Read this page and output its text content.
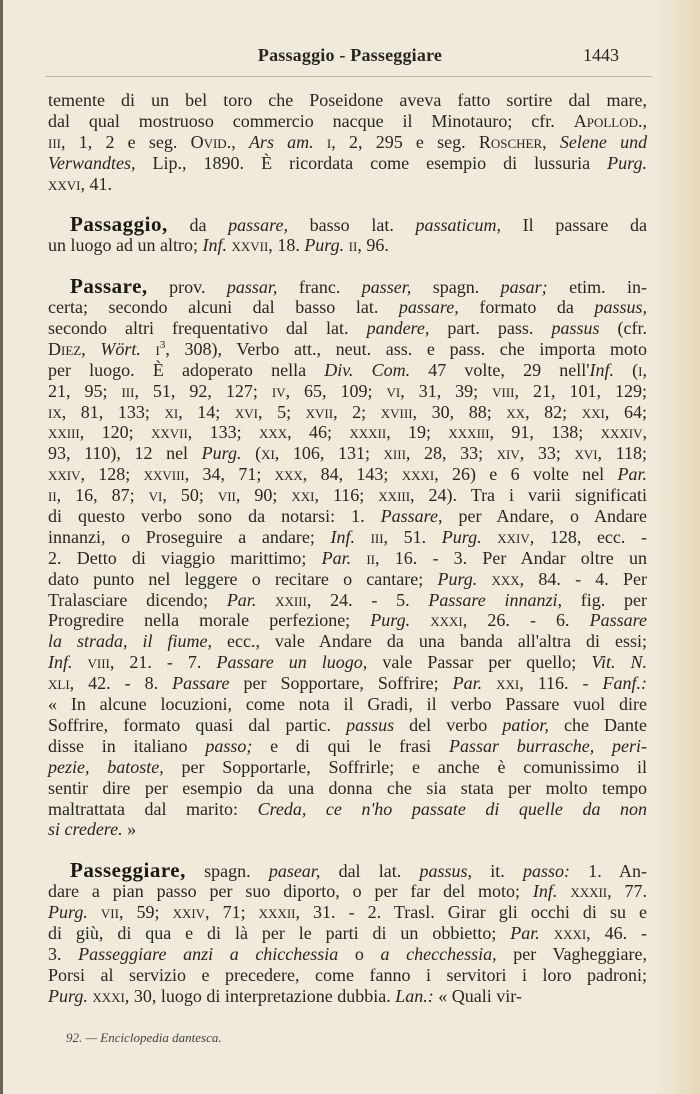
Passaggio - Passeggiare	1443
temente di un bel toro che Poseidone aveva fatto sortire dal mare,
dal qual mostruoso commercio nacque il Minotauro; cfr. Apollod.,
iii, 1, 2 e seg. Ovid., Ars am. i, 2, 295 e seg. Roscher, Selene und
Verwandtes, Lip., 1890. È ricordata come esempio di lussuria Purg.
xxvi, 41.
Passaggio, da passare, basso lat. passaticum, Il passare da
un luogo ad un altro; Inf. xxvii, 18. Purg. ii, 96.
Passare, prov. passar, franc. passer, spagn. pasar; etim. in-
certa; secondo alcuni dal basso lat. passare, formato da passus,
secondo altri frequentativo dal lat. pandere, part. pass. passus (cfr.
Diez, Wört. $i^3$, 308), Verbo att., neut. ass. e pass. che importa moto
per luogo. È adoperato nella Div. Com. 47 volte, 29 nell'Inf. (i,
21, 95; iii, 51, 92, 127; iv, 65, 109; vi, 31, 39; viii, 21, 101, 129;
ix, 81, 133; xi, 14; xvi, 5; xvii, 2; xviii, 30, 88; xx, 82; xxi, 64;
xxiii, 120; xxvii, 133; xxx, 46; xxxii, 19; xxxiii, 91, 138; xxxiv,
93, 110), 12 nel Purg. (xi, 106, 131; xiii, 28, 33; xiv, 33; xvi, 118;
xxiv, 128; xxviii, 34, 71; xxx, 84, 143; xxxi, 26) e 6 volte nel Par.
ii, 16, 87; vi, 50; vii, 90; xxi, 116; xxiii, 24). Tra i varii significati
di questo verbo sono da notarsi: 1. Passare, per Andare, o Andare
innanzi, o Proseguire a andare; Inf. iii, 51. Purg. xxiv, 128, ecc. -
2. Detto di viaggio marittimo; Par. ii, 16. - 3. Per Andar oltre un
dato punto nel leggere o recitare o cantare; Purg. xxx, 84. - 4. Per
Tralasciare dicendo; Par. xxiii, 24. - 5. Passare innanzi, fig. per
Progredire nella morale perfezione; Purg. xxxi, 26. - 6. Passare
la strada, il fiume, ecc., vale Andare da una banda all'altra di essi;
Inf. viii, 21. - 7. Passare un luogo, vale Passar per quello; Vit. N.
xli, 42. - 8. Passare per Sopportare, Soffrire; Par. xxi, 116. - Fanf.:
« In alcune locuzioni, come nota il Gradi, il verbo Passare vuol dire
Soffrire, formato quasi dal partic. passus del verbo patior, che Dante
disse in italiano passo; e di qui le frasi Passar burrasche, peri-
pezie, batoste, per Sopportarle, Soffrirle; e anche è comunissimo il
sentir dire per esempio da una donna che sia stata per molto tempo
maltrattata dal marito: Creda, ce n'ho passate di quelle da non
si credere. »
Passeggiare, spagn. pasear, dal lat. passus, it. passo: 1. An-
dare a pian passo per suo diporto, o per far del moto; Inf. xxxii, 77.
Purg. vii, 59; xxiv, 71; xxxii, 31. - 2. Trasl. Girar gli occhi di su e
di giù, di qua e di là per le parti di un obbietto; Par. xxxi, 46. -
3. Passeggiare anzi a chicchessia o a checchessia, per Vagheggiare,
Porsi al servizio e precedere, come fanno i servitori i loro padroni;
Purg. xxxi, 30, luogo di interpretazione dubbia. Lan.: « Quali vir-
92. — Enciclopedia dantesca.
